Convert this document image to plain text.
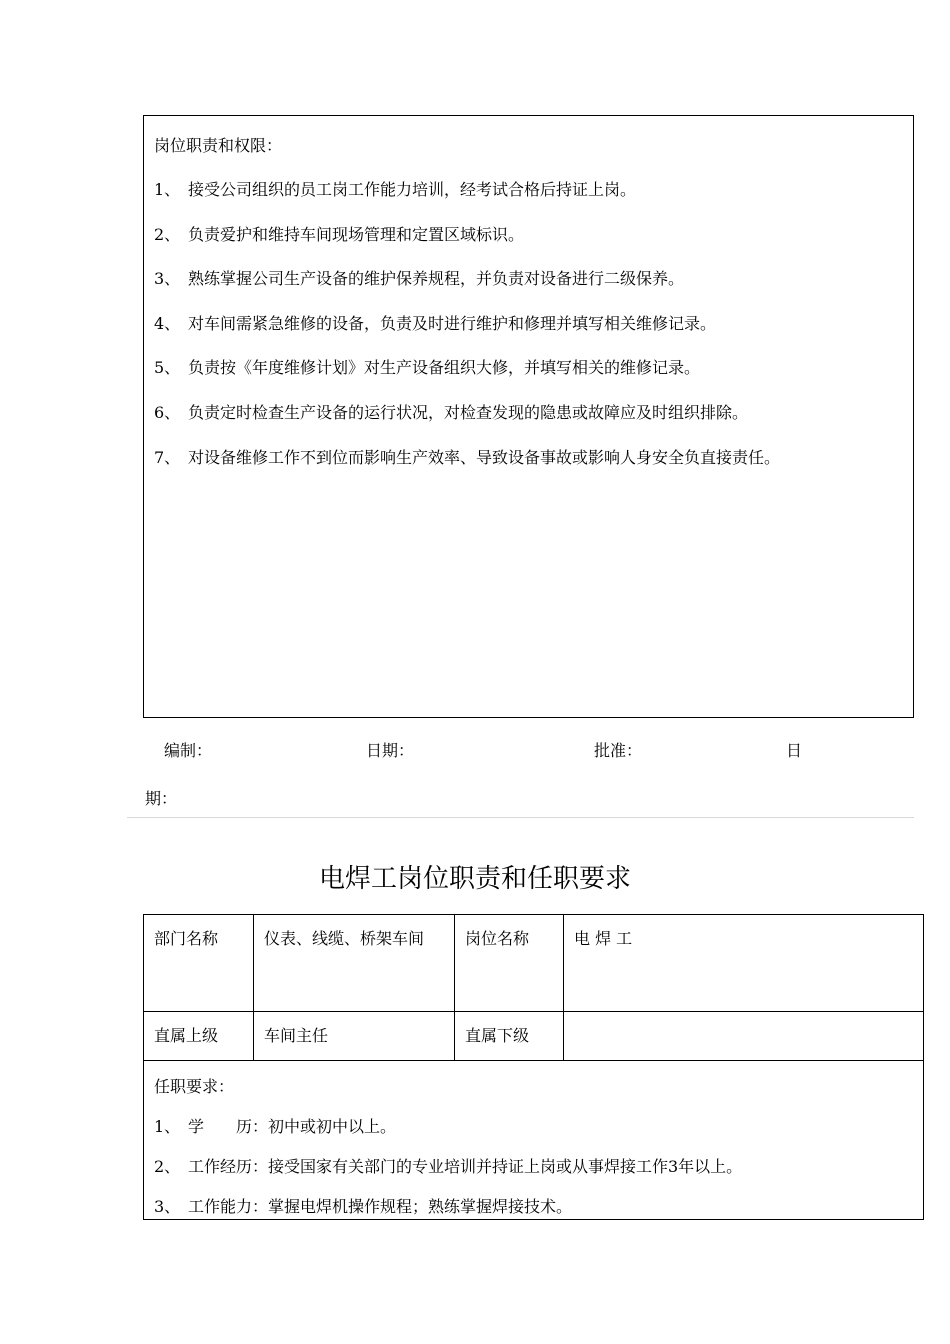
岗位职责和权限：
1、 接受公司组织的员工岗工作能力培训，经考试合格后持证上岗。
2、 负责爱护和维持车间现场管理和定置区域标识。
3、 熟练掌握公司生产设备的维护保养规程，并负责对设备进行二级保养。
4、 对车间需紧急维修的设备，负责及时进行维护和修理并填写相关维修记录。
5、 负责按《年度维修计划》对生产设备组织大修，并填写相关的维修记录。
6、 负责定时检查生产设备的运行状况，对检查发现的隐患或故障应及时组织排除。
7、 对设备维修工作不到位而影响生产效率、导致设备事故或影响人身安全负直接责任。
编制：	日期：	批准：	日
期：
电焊工岗位职责和任职要求
部门名称	仪表、线缆、桥架车间	岗位名称	电 焊 工
直属上级	车间主任	直属下级	

任职要求：
1、 学　　历：初中或初中以上。
2、 工作经历：接受国家有关部门的专业培训并持证上岗或从事焊接工作3年以上。
3、 工作能力：掌握电焊机操作规程；熟练掌握焊接技术。			
